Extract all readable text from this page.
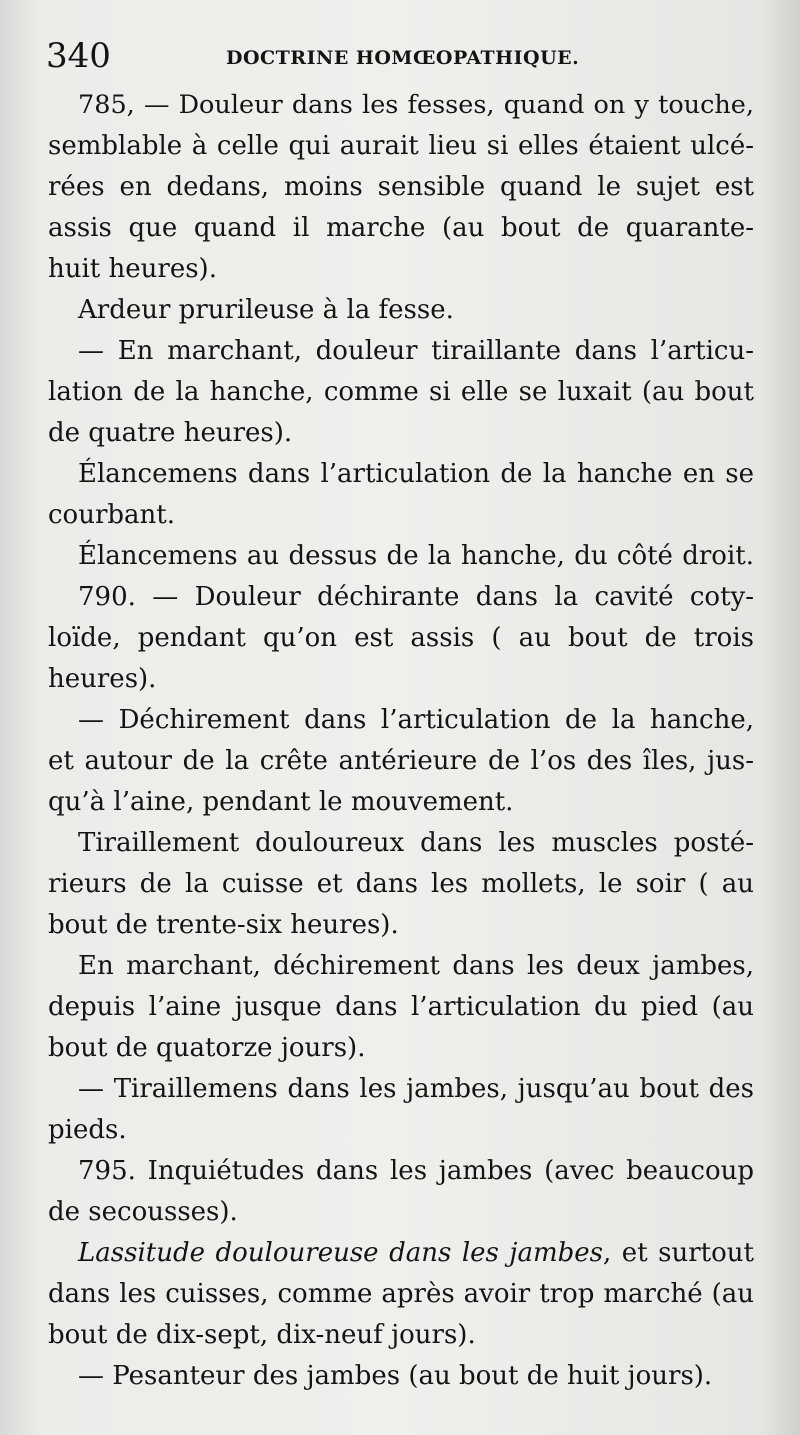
340	DOCTRINE HOMŒOPATHIQUE.
785, — Douleur dans les fesses, quand on y touche,
semblable à celle qui aurait lieu si elles étaient ulcé-
rées en dedans, moins sensible quand le sujet est
assis que quand il marche (au bout de quarante-
huit heures).
Ardeur prurileuse à la fesse.
— En marchant, douleur tiraillante dans l’articu-
lation de la hanche, comme si elle se luxait (au bout
de quatre heures).
Élancemens dans l’articulation de la hanche en se
courbant.
Élancemens au dessus de la hanche, du côté droit.
790. — Douleur déchirante dans la cavité coty-
loïde, pendant qu’on est assis ( au bout de trois
heures).
— Déchirement dans l’articulation de la hanche,
et autour de la crête antérieure de l’os des îles, jus-
qu’à l’aine, pendant le mouvement.
Tiraillement douloureux dans les muscles posté-
rieurs de la cuisse et dans les mollets, le soir ( au
bout de trente-six heures).
En marchant, déchirement dans les deux jambes,
depuis l’aine jusque dans l’articulation du pied (au
bout de quatorze jours).
— Tiraillemens dans les jambes, jusqu’au bout des
pieds.
795. Inquiétudes dans les jambes (avec beaucoup
de secousses).
Lassitude douloureuse dans les jambes, et surtout
dans les cuisses, comme après avoir trop marché (au
bout de dix-sept, dix-neuf jours).
— Pesanteur des jambes (au bout de huit jours).
